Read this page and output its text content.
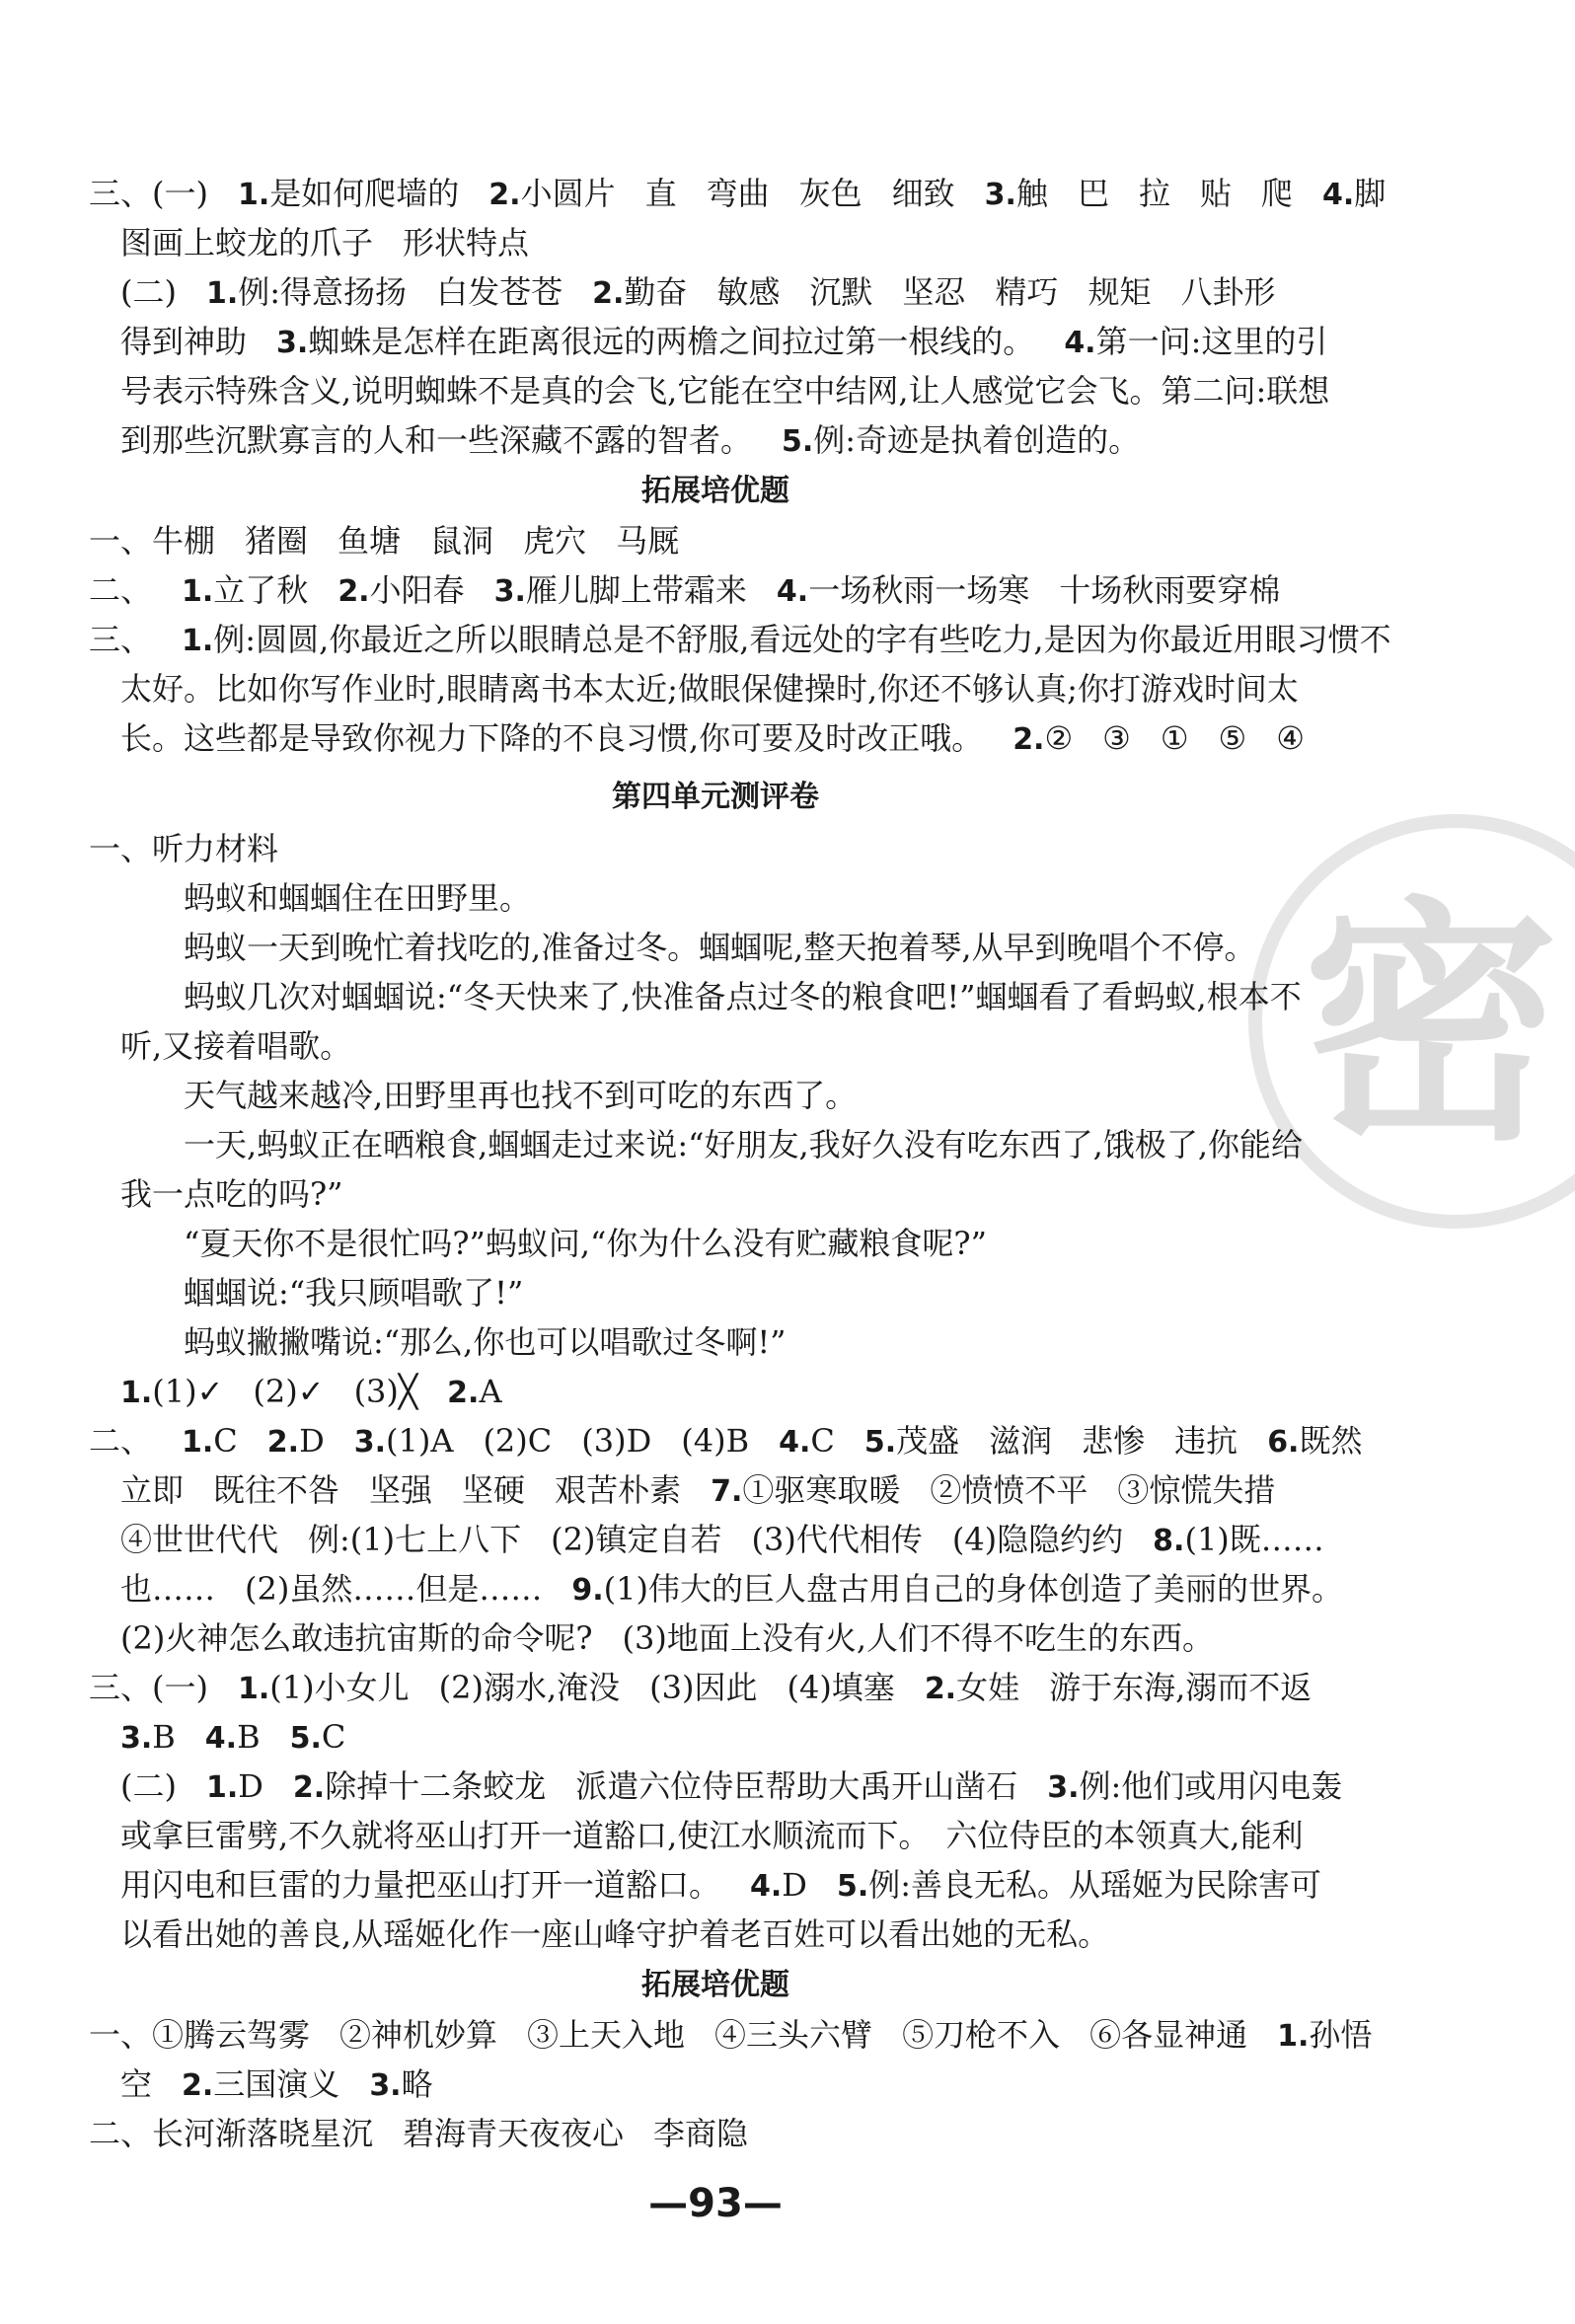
密
三、(一) 1.是如何爬墙的 2.小圆片 直 弯曲 灰色 细致 3.触 巴 拉 贴 爬 4.脚
图画上蛟龙的爪子 形状特点
(二) 1.例:得意扬扬 白发苍苍 2.勤奋 敏感 沉默 坚忍 精巧 规矩 八卦形
得到神助 3.蜘蛛是怎样在距离很远的两檐之间拉过第一根线的。 4.第一问:这里的引
号表示特殊含义,说明蜘蛛不是真的会飞,它能在空中结网,让人感觉它会飞。第二问:联想
到那些沉默寡言的人和一些深藏不露的智者。 5.例:奇迹是执着创造的。
拓展培优题
一、牛棚 猪圈 鱼塘 鼠洞 虎穴 马厩
二、 1.立了秋 2.小阳春 3.雁儿脚上带霜来 4.一场秋雨一场寒 十场秋雨要穿棉
三、 1.例:圆圆,你最近之所以眼睛总是不舒服,看远处的字有些吃力,是因为你最近用眼习惯不
太好。比如你写作业时,眼睛离书本太近;做眼保健操时,你还不够认真;你打游戏时间太
长。这些都是导致你视力下降的不良习惯,你可要及时改正哦。 2.② ③ ① ⑤ ④
第四单元测评卷
一、听力材料
蚂蚁和蝈蝈住在田野里。
蚂蚁一天到晚忙着找吃的,准备过冬。蝈蝈呢,整天抱着琴,从早到晚唱个不停。
蚂蚁几次对蝈蝈说:“冬天快来了,快准备点过冬的粮食吧!”蝈蝈看了看蚂蚁,根本不
听,又接着唱歌。
天气越来越冷,田野里再也找不到可吃的东西了。
一天,蚂蚁正在晒粮食,蝈蝈走过来说:“好朋友,我好久没有吃东西了,饿极了,你能给
我一点吃的吗?”
“夏天你不是很忙吗?”蚂蚁问,“你为什么没有贮藏粮食呢?”
蝈蝈说:“我只顾唱歌了!”
蚂蚁撇撇嘴说:“那么,你也可以唱歌过冬啊!”
1.(1)✓ (2)✓ (3)╳ 2.A
二、 1.C 2.D 3.(1)A (2)C (3)D (4)B 4.C 5.茂盛 滋润 悲惨 违抗 6.既然
立即 既往不咎 坚强 坚硬 艰苦朴素 7.①驱寒取暖 ②愤愤不平 ③惊慌失措
④世世代代 例:(1)七上八下 (2)镇定自若 (3)代代相传 (4)隐隐约约 8.(1)既……
也…… (2)虽然……但是…… 9.(1)伟大的巨人盘古用自己的身体创造了美丽的世界。
(2)火神怎么敢违抗宙斯的命令呢? (3)地面上没有火,人们不得不吃生的东西。
三、(一) 1.(1)小女儿 (2)溺水,淹没 (3)因此 (4)填塞 2.女娃 游于东海,溺而不返
3.B 4.B 5.C
(二) 1.D 2.除掉十二条蛟龙 派遣六位侍臣帮助大禹开山凿石 3.例:他们或用闪电轰
或拿巨雷劈,不久就将巫山打开一道豁口,使江水顺流而下。　六位侍臣的本领真大,能利
用闪电和巨雷的力量把巫山打开一道豁口。 4.D 5.例:善良无私。从瑶姬为民除害可
以看出她的善良,从瑶姬化作一座山峰守护着老百姓可以看出她的无私。
拓展培优题
一、①腾云驾雾 ②神机妙算 ③上天入地 ④三头六臂 ⑤刀枪不入 ⑥各显神通 1.孙悟
空 2.三国演义 3.略
二、长河渐落晓星沉 碧海青天夜夜心 李商隐
—93—
